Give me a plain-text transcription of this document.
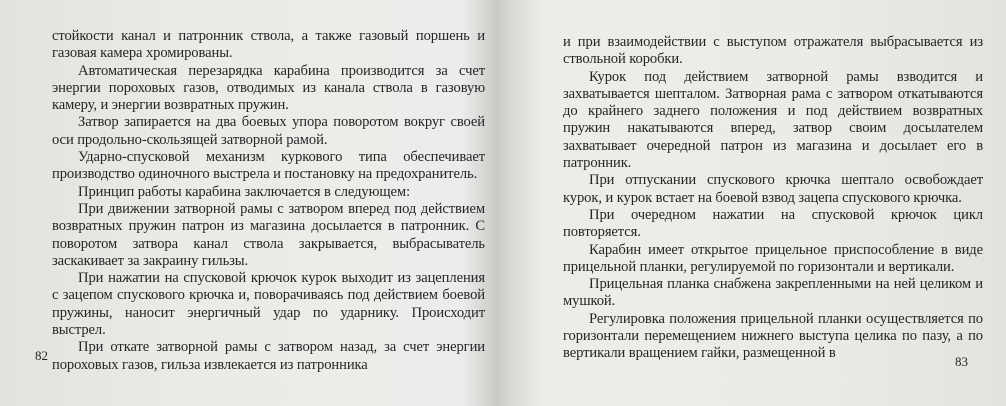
стойкости канал и патронник ствола, а также газовый поршень и газовая камера хромированы.

Автоматическая перезарядка карабина производится за счет энергии пороховых газов, отводимых из канала ствола в газовую камеру, и энергии возвратных пружин.

Затвор запирается на два боевых упора поворотом вокруг своей оси продольно-скользящей затворной рамой.

Ударно-спусковой механизм куркового типа обеспечивает производство одиночного выстрела и постановку на предохранитель.

Принцип работы карабина заключается в следующем:

При движении затворной рамы с затвором вперед под действием возвратных пружин патрон из магазина досылается в патронник. С поворотом затвора канал ствола закрывается, выбрасыватель заскакивает за закраину гильзы.

При нажатии на спусковой крючок курок выходит из зацепления с зацепом спускового крючка и, поворачиваясь под действием боевой пружины, наносит энергичный удар по ударнику. Происходит выстрел.

При откате затворной рамы с затвором назад, за счет энергии пороховых газов, гильза извлекается из патронника

82

и при взаимодействии с выступом отражателя выбрасывается из ствольной коробки.

Курок под действием затворной рамы взводится и захватывается шепталом. Затворная рама с затвором откатываются до крайнего заднего положения и под действием возвратных пружин накатываются вперед, затвор своим досылателем захватывает очередной патрон из магазина и досылает его в патронник.

При отпускании спускового крючка шептало освобождает курок, и курок встает на боевой взвод зацепа спускового крючка.

При очередном нажатии на спусковой крючок цикл повторяется.

Карабин имеет открытое прицельное приспособление в виде прицельной планки, регулируемой по горизонтали и вертикали.

Прицельная планка снабжена закрепленными на ней целиком и мушкой.

Регулировка положения прицельной планки осуществляется по горизонтали перемещением нижнего выступа целика по пазу, а по вертикали вращением гайки, размещенной в

83
